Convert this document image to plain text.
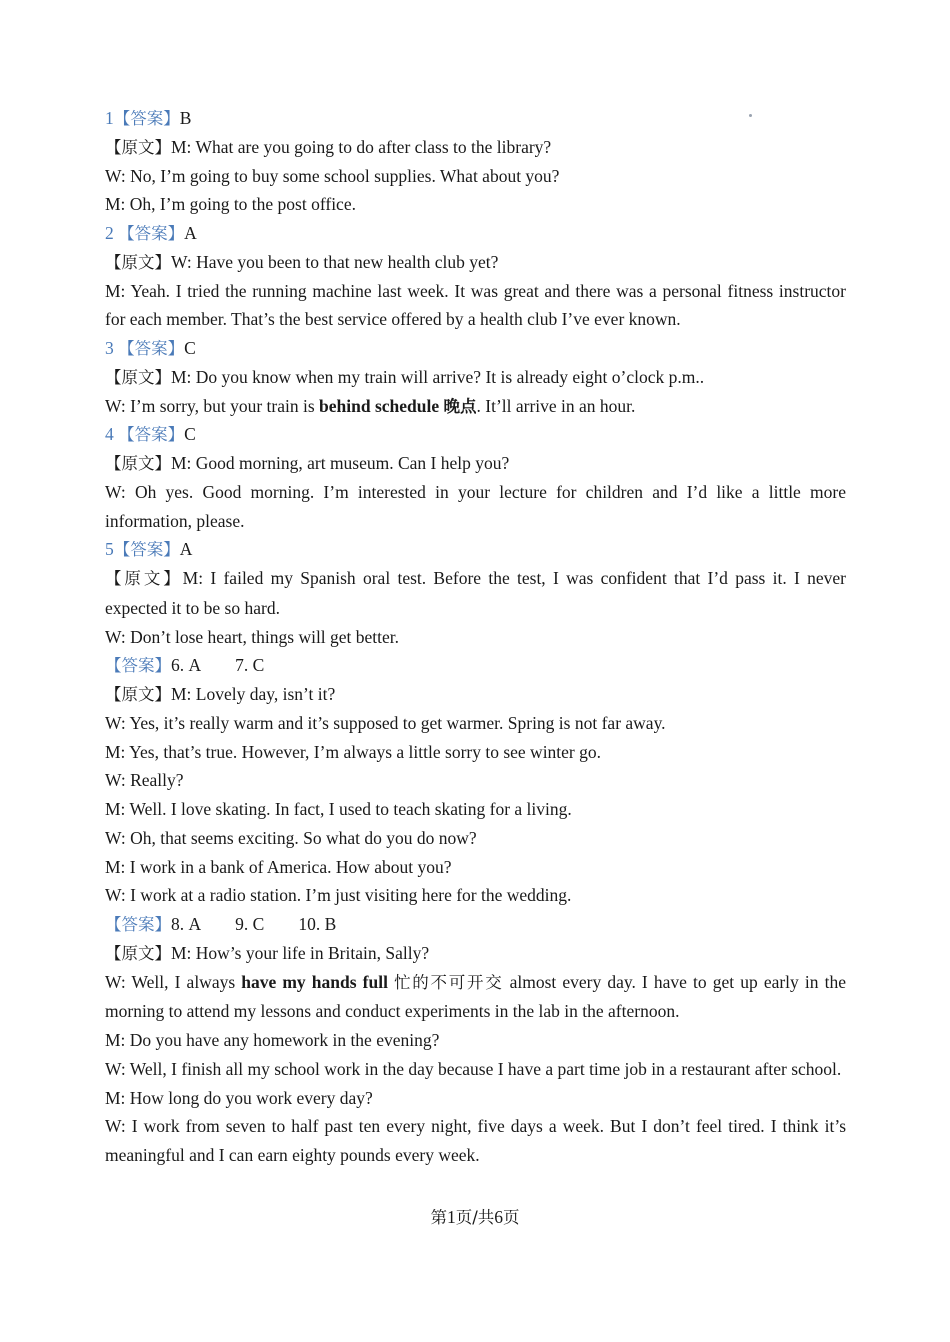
1【答案】B
【原文】M: What are you going to do after class to the library?
W: No, I’m going to buy some school supplies. What about you?
M: Oh, I’m going to the post office.
2 【答案】A
【原文】W: Have you been to that new health club yet?
M: Yeah. I tried the running machine last week. It was great and there was a personal fitness instructor for each member. That’s the best service offered by a health club I’ve ever known.
3 【答案】C
【原文】M: Do you know when my train will arrive? It is already eight o’clock p.m..
W: I’m sorry, but your train is behind schedule 晚点. It’ll arrive in an hour.
4 【答案】C
【原文】M: Good morning, art museum. Can I help you?
W: Oh yes. Good morning. I’m interested in your lecture for children and I’d like a little more information, please.
5【答案】A
【原文】M: I failed my Spanish oral test. Before the test, I was confident that I’d pass it. I never expected it to be so hard.
W: Don’t lose heart, things will get better.
【答案】6. A 7. C
【原文】M: Lovely day, isn’t it?
W: Yes, it’s really warm and it’s supposed to get warmer. Spring is not far away.
M: Yes, that’s true. However, I’m always a little sorry to see winter go.
W: Really?
M: Well. I love skating. In fact, I used to teach skating for a living.
W: Oh, that seems exciting. So what do you do now?
M: I work in a bank of America. How about you?
W: I work at a radio station. I’m just visiting here for the wedding.
【答案】8. A 9. C 10. B
【原文】M: How’s your life in Britain, Sally?
W: Well, I always have my hands full 忙的不可开交 almost every day. I have to get up early in the morning to attend my lessons and conduct experiments in the lab in the afternoon.
M: Do you have any homework in the evening?
W: Well, I finish all my school work in the day because I have a part time job in a restaurant after school.
M: How long do you work every day?
W: I work from seven to half past ten every night, five days a week. But I don’t feel tired. I think it’s meaningful and I can earn eighty pounds every week.
第1页/共6页
